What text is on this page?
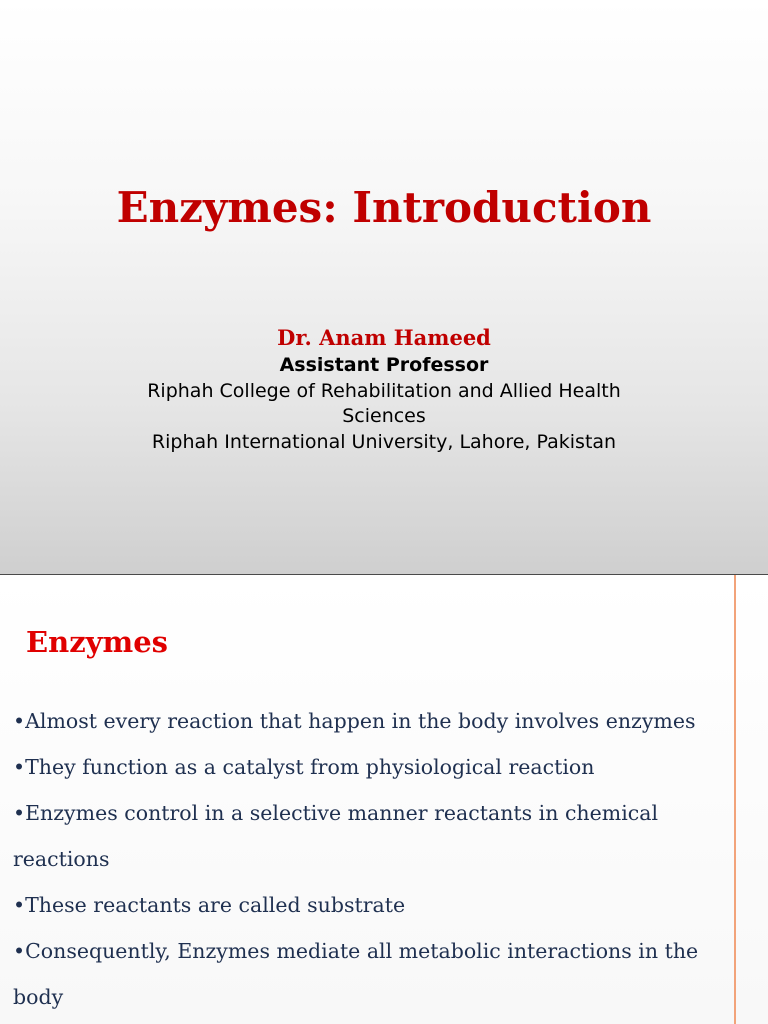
Enzymes: Introduction
Dr. Anam Hameed
Assistant Professor
Riphah College of Rehabilitation and Allied Health
Sciences
Riphah International University, Lahore, Pakistan
Enzymes
•Almost every reaction that happen in the body involves enzymes
•They function as a catalyst from physiological reaction
•Enzymes control in a selective manner reactants in chemical
reactions
•These reactants are called substrate
•Consequently, Enzymes mediate all metabolic interactions in the
body
